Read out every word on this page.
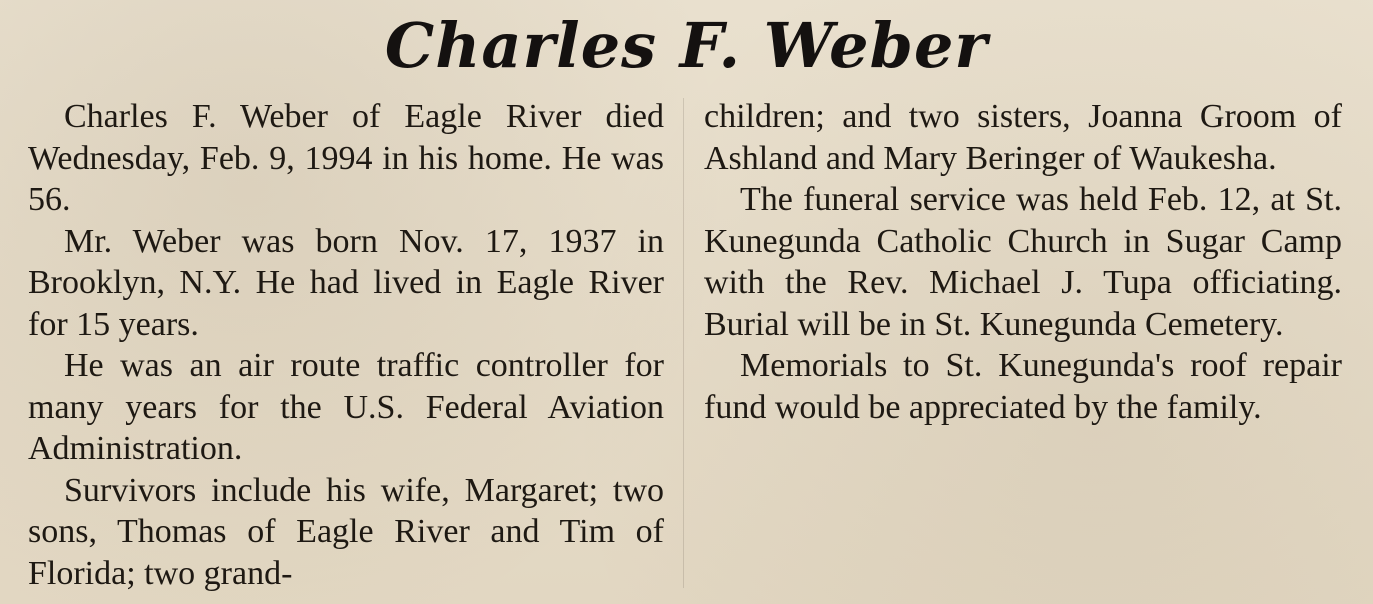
Charles F. Weber

Charles F. Weber of Eagle River died Wednesday, Feb. 9, 1994 in his home. He was 56.

Mr. Weber was born Nov. 17, 1937 in Brooklyn, N.Y. He had lived in Eagle River for 15 years.

He was an air route traffic controller for many years for the U.S. Federal Aviation Administration.

Survivors include his wife, Margaret; two sons, Thomas of Eagle River and Tim of Florida; two grand-

children; and two sisters, Joanna Groom of Ashland and Mary Beringer of Waukesha.

The funeral service was held Feb. 12, at St. Kunegunda Catholic Church in Sugar Camp with the Rev. Michael J. Tupa officiating. Burial will be in St. Kunegunda Cemetery.

Memorials to St. Kunegunda's roof repair fund would be appreciated by the family.
